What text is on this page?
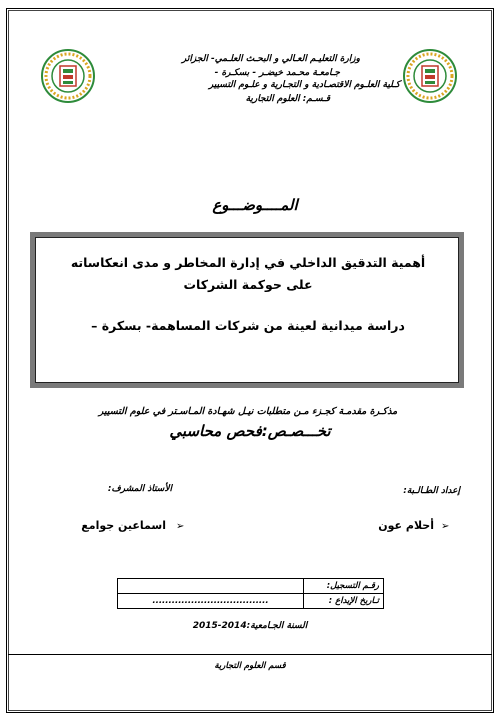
وزارة التعليـم العـالي و البحـث العلـمي- الجزائر
جـامعـة محـمد خيضـر - بسكـرة -
كـلية العلـوم الاقتصـادية و التجـارية و علـوم التسيير
قـسـم: العلوم التجارية
المــــوضـــوع
أهمية التدقيق الداخلي في إدارة المخاطر و مدى انعكاساته على حوكمة الشركات
دراسة ميدانية لعينة من شركات المساهمة- بسكرة –
مذكـرة مقدمـة كجـزء مـن متطلبات نيـل شهـادة المـاسـتر في علوم التسيير
تخـــصـص:فحص محاسبي
إعداد الطـالـبة:
الأستاذ المشرف:
➢
أحلام عون
➢
اسماعين جوامع
	رقـم التسجيل:
....................................	تـاريخ الإيداع :
السنة الجـامعية:2014-2015
قسم العلوم التجارية
